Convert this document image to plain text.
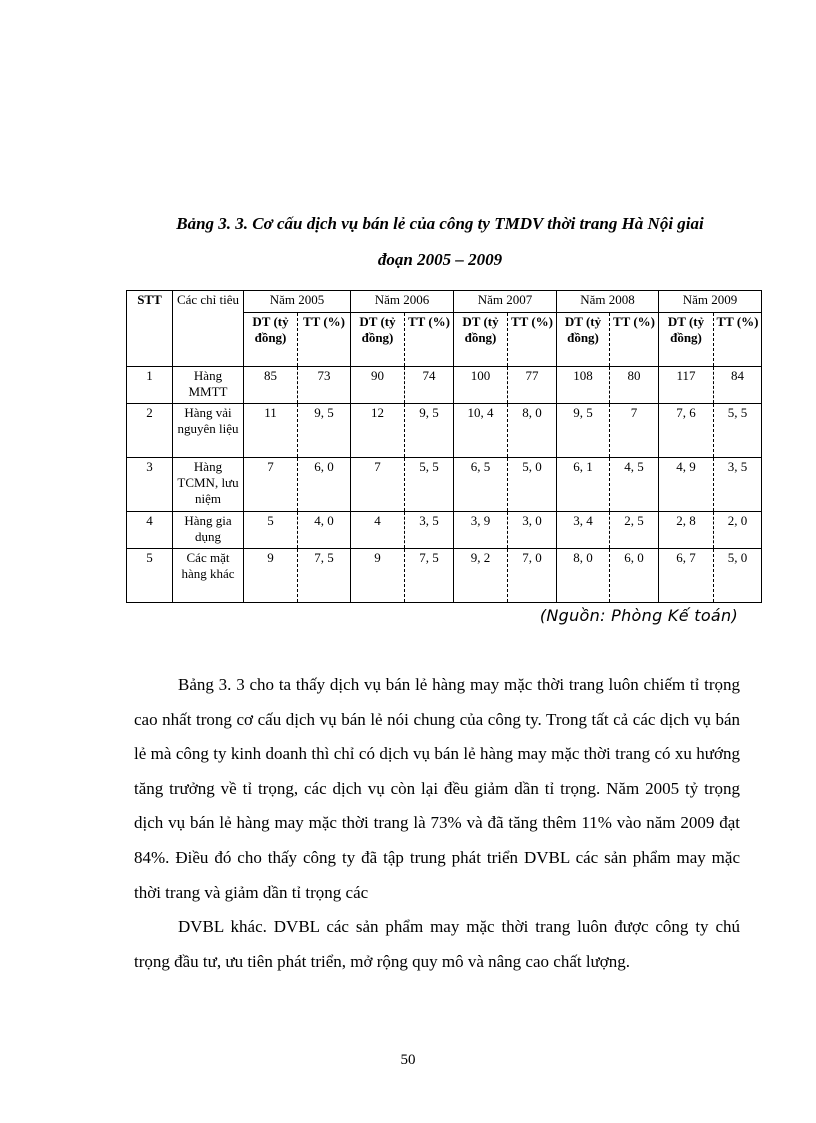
Bảng 3. 3. Cơ cấu dịch vụ bán lẻ của công ty TMDV thời trang Hà Nội giai
đoạn 2005 – 2009
STT	Các chỉ tiêu	Năm 2005		Năm 2006		Năm 2007		Năm 2008		Năm 2009	
		DT (tỷ đồng)	TT (%)	DT (tỷ đồng)	TT (%)	DT (tỷ đồng)	TT (%)	DT (tỷ đồng)	TT (%)	DT (tỷ đồng)	TT (%)
1	Hàng MMTT	85	73	90	74	100	77	108	80	117	84
2	Hàng vải nguyên liệu	11	9, 5	12	9, 5	10, 4	8, 0	9, 5	7	7, 6	5, 5
3	Hàng TCMN, lưu niệm	7	6, 0	7	5, 5	6, 5	5, 0	6, 1	4, 5	4, 9	3, 5
4	Hàng gia dụng	5	4, 0	4	3, 5	3, 9	3, 0	3, 4	2, 5	2, 8	2, 0
5	Các mặt hàng khác	9	7, 5	9	7, 5	9, 2	7, 0	8, 0	6, 0	6, 7	5, 0
(Nguồn: Phòng Kế toán)

Bảng 3. 3 cho ta thấy dịch vụ bán lẻ hàng may mặc thời trang luôn chiếm tỉ trọng cao nhất trong cơ cấu dịch vụ bán lẻ nói chung của công ty. Trong tất cả các dịch vụ bán lẻ mà công ty kinh doanh thì chỉ có dịch vụ bán lẻ hàng may mặc thời trang có xu hướng tăng trưởng về tỉ trọng, các dịch vụ còn lại đều giảm dần tỉ trọng. Năm 2005 tỷ trọng dịch vụ bán lẻ hàng may mặc thời trang là 73% và đã tăng thêm 11% vào năm 2009 đạt 84%. Điều đó cho thấy công ty đã tập trung phát triển DVBL các sản phẩm may mặc thời trang và giảm dần tỉ trọng các

DVBL khác. DVBL các sản phẩm may mặc thời trang luôn được công ty chú trọng đầu tư, ưu tiên phát triển, mở rộng quy mô và nâng cao chất lượng.

50
